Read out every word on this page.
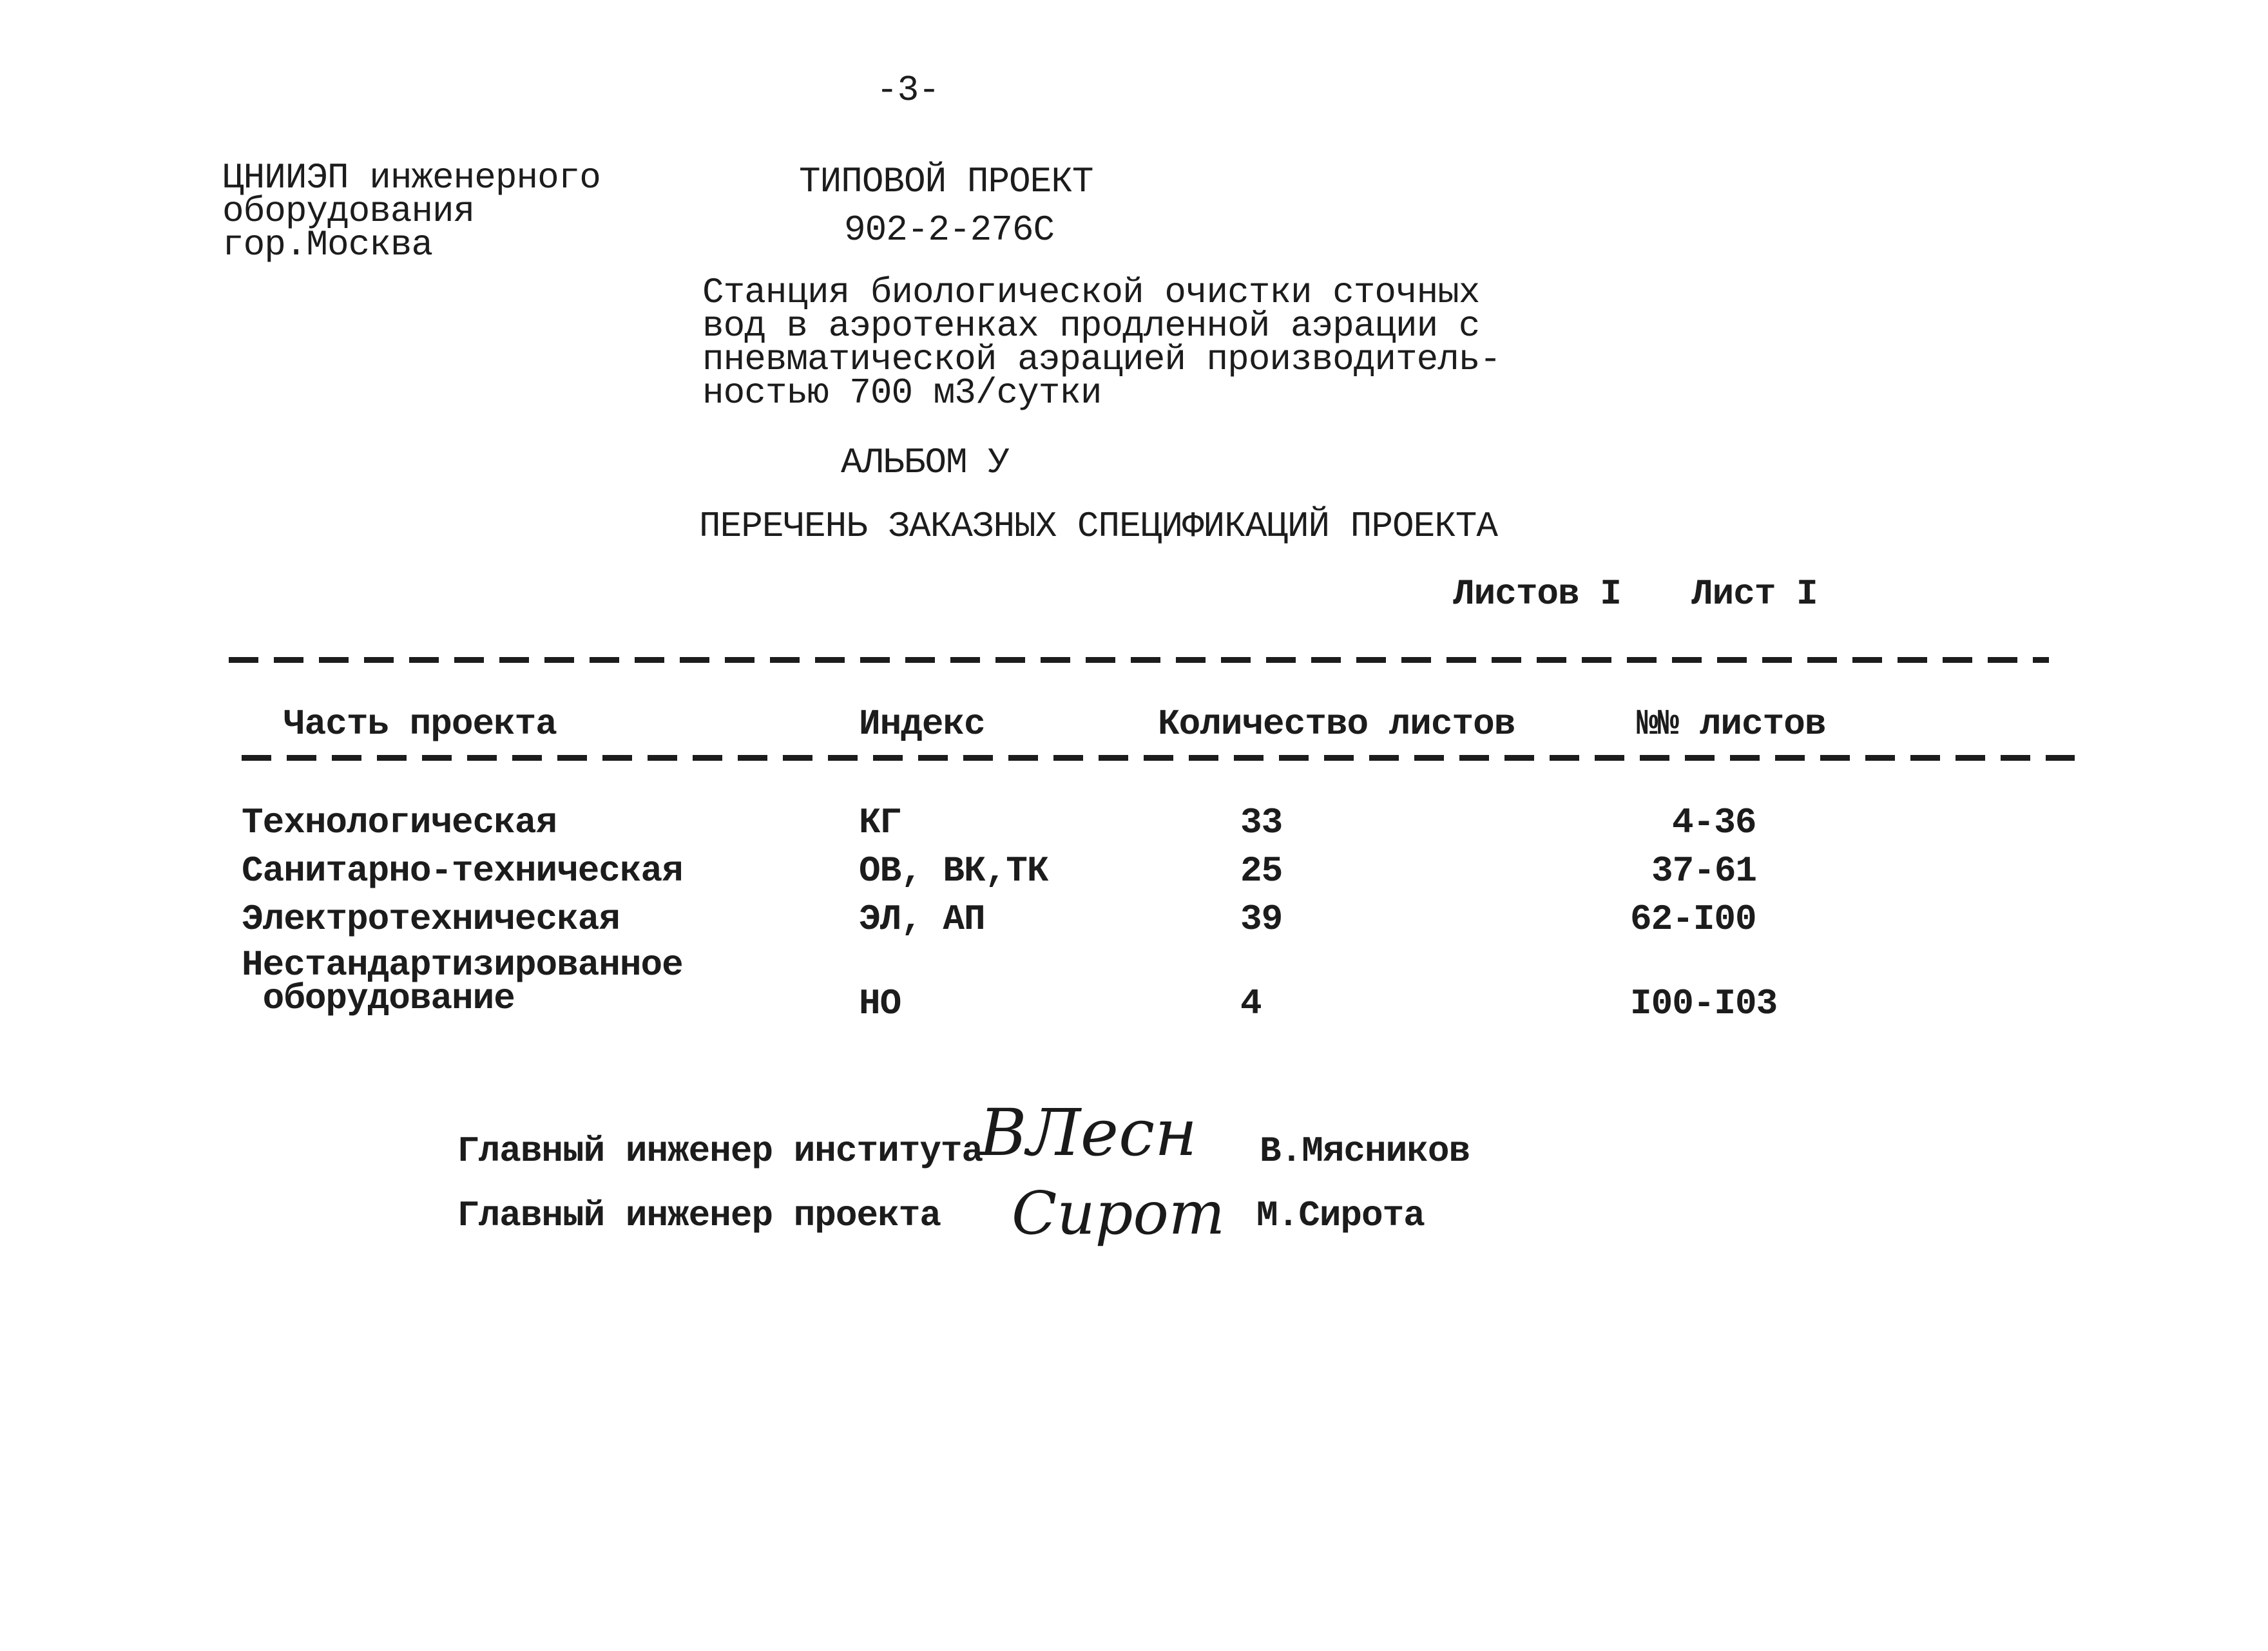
-3-
ЦНИИЭП инженерного
оборудования
гор.Москва
ТИПОВОЙ ПРОЕКТ
902-2-276С
Станция биологической очистки сточных
вод в аэротенках продленной аэрации с
пневматической аэрацией производитель-
ностью 700 м3/сутки
АЛЬБОМ У
ПЕРЕЧЕНЬ ЗАКАЗНЫХ СПЕЦИФИКАЦИЙ ПРОЕКТА
Листов I Лист I
Часть проекта	Индекс	Количество листов	№№ листов
Технологическая	КГ	33	4-36
Санитарно-техническая	ОВ, ВК,ТК	25	37-61
Электротехническая	ЭЛ, АП	39	62-I00
Нестандартизированное
оборудование	НО	4	I00-I03
Главный инженер института
ВЛесн В.Мясников
Главный инженер проекта Сирот М.Сирота
